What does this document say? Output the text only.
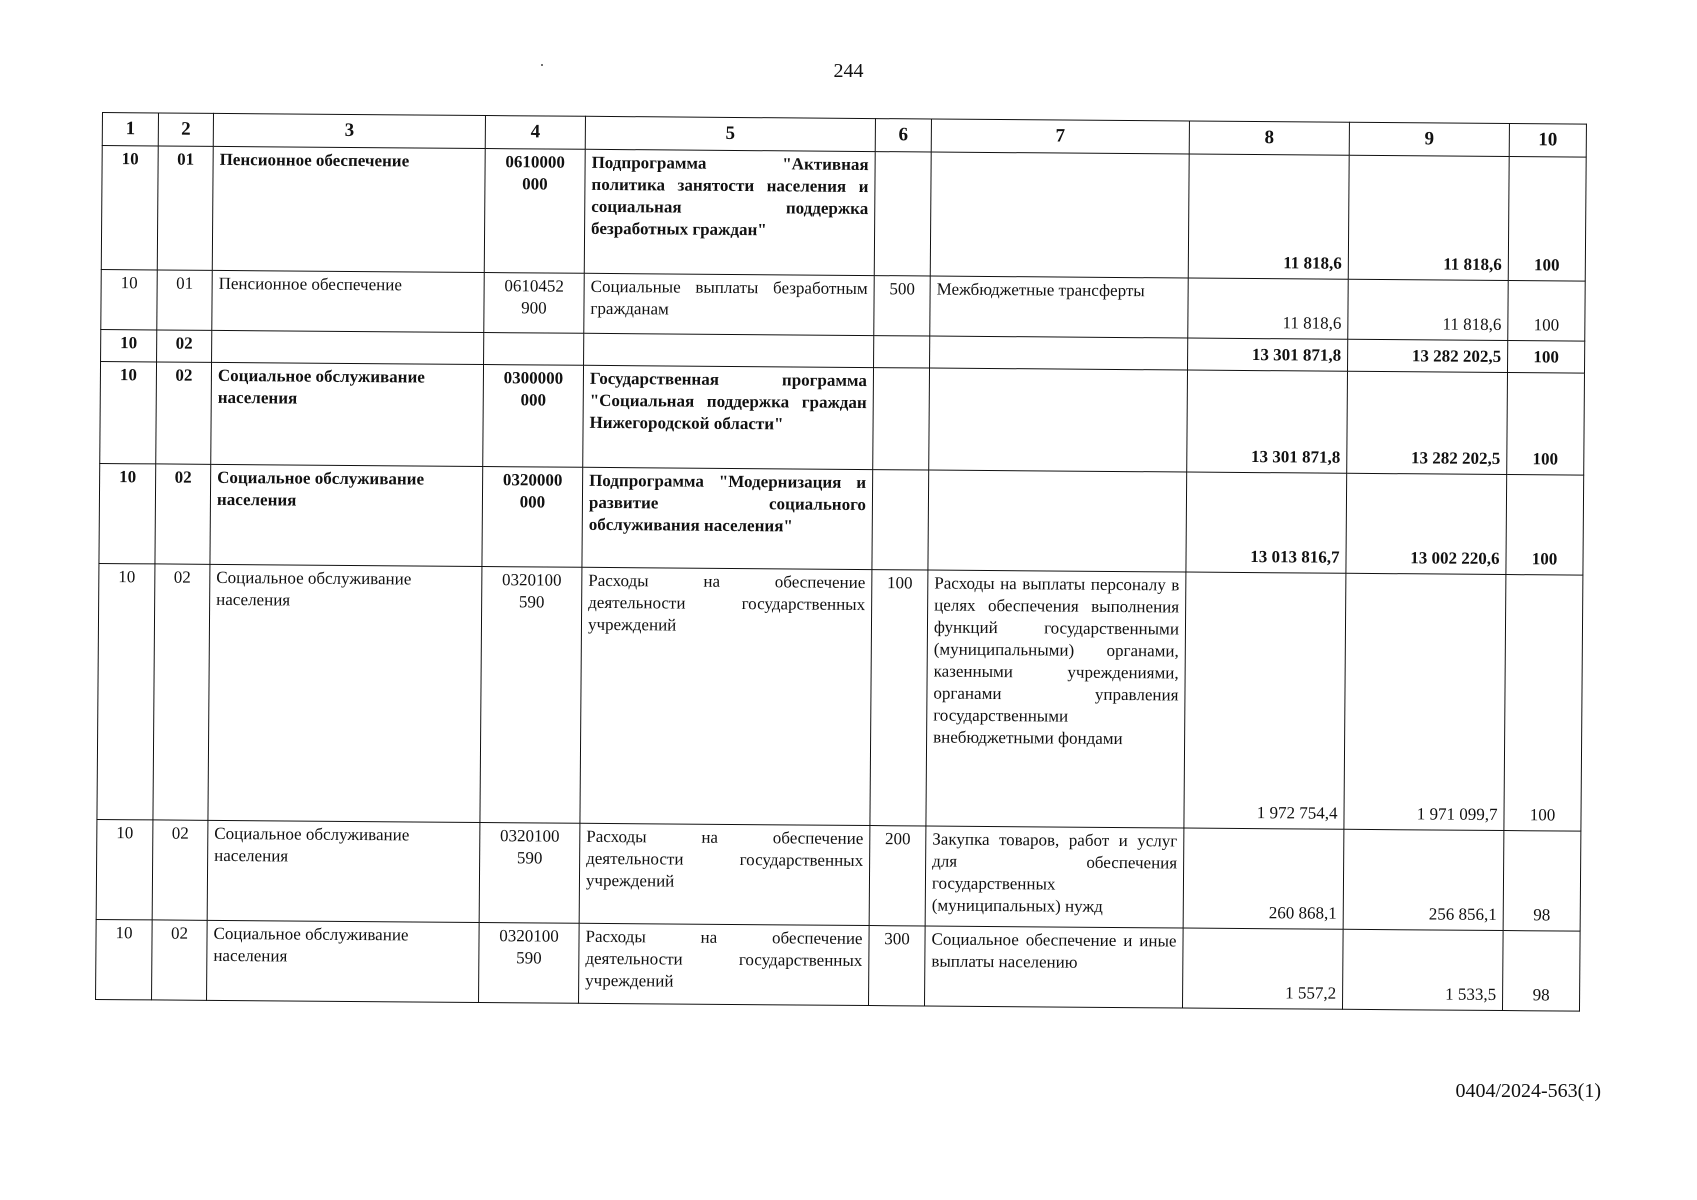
244
1	2	3	4	5	6	7	8	9	10
10	01	Пенсионное обеспечение	0610000 000	Подпрограмма "Активная политика занятости населения и социальная поддержка безработных граждан"			11 818,6	11 818,6	100
10	01	Пенсионное обеспечение	0610452 900	Социальные выплаты безработным гражданам	500	Межбюджетные трансферты	11 818,6	11 818,6	100
10	02						13 301 871,8	13 282 202,5	100
10	02	Социальное обслуживание населения	0300000 000	Государственная программа "Социальная поддержка граждан Нижегородской области"			13 301 871,8	13 282 202,5	100
10	02	Социальное обслуживание населения	0320000 000	Подпрограмма "Модернизация и развитие социального обслуживания населения"			13 013 816,7	13 002 220,6	100
10	02	Социальное обслуживание населения	0320100 590	Расходы на обеспечение деятельности государственных учреждений	100	Расходы на выплаты персоналу в целях обеспечения выполнения функций государственными (муниципальными) органами, казенными учреждениями, органами управления государственными внебюджетными фондами	1 972 754,4	1 971 099,7	100
10	02	Социальное обслуживание населения	0320100 590	Расходы на обеспечение деятельности государственных учреждений	200	Закупка товаров, работ и услуг для обеспечения государственных (муниципальных) нужд	260 868,1	256 856,1	98
10	02	Социальное обслуживание населения	0320100 590	Расходы на обеспечение деятельности государственных учреждений	300	Социальное обеспечение и иные выплаты населению	1 557,2	1 533,5	98
0404/2024-563(1)
